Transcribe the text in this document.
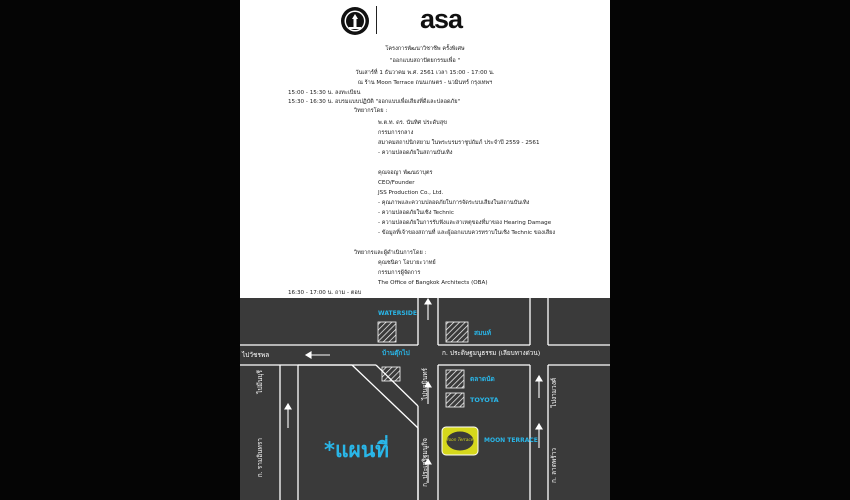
asa
โครงการพัฒนาวิชาชีพ ครั้งพิเศษ
"ออกแบบสถาปัตยกรรมเพื่อ "
วันเสาร์ที่ 1 ธันวาคม พ.ศ. 2561 เวลา 15:00 - 17:00 น.
ณ ร้าน Moon Terrace ถนนเกษตร - นวมินทร์ กรุงเทพฯ
15:00 - 15:30 น. ลงทะเบียน
15:30 - 16:30 น. อบรมแบบปฏิบัติ "ออกแบบเพื่อเสียงที่ดีและปลอดภัย"
วิทยากรโดย :
พ.ต.ท. ดร. นันทิศ ประดับสุข
กรรมการกลาง
สมาคมสถาปนิกสยาม ในพระบรมราชูปถัมภ์ ประจำปี 2559 - 2561
- ความปลอดภัยในสถานบันเทิง
คุณจอญา พัฒนธาบุตร
CEO/Founder
JSS Production Co., Ltd.
- คุณภาพและความปลอดภัยในการจัดระบบเสียงในสถานบันเทิง
- ความปลอดภัยในเชิง Technic
- ความปลอดภัยในการรับฟังและสาเหตุของที่มาของ Hearing Damage
- ข้อมูลที่เจ้าของสถานที่ และผู้ออกแบบควรทราบในเชิง Technic ของเสียง
วิทยากรและผู้ดำเนินการโดย :
คุณชนิดา โอบายะวาทย์
กรรมการผู้จัดการ
The Office of Bangkok Architects (OBA)
16:30 - 17:00 น. ถาม - ตอบ
WATERSIDE
สมนท์
บ้านตุ๊กไป	ก. ประดิษฐมนูธรรม (เลียบทางด่วน)
ไปวัชรพล
ตลาดนัด
TOYOTA
MOON TERRACE
Moon Terrace
ไปมีนบุรี
ก. รามอินทรา
ไปนวมินทร์
ก. ประเสริฐมนูกิจ
ไปงามวงศ์
ก. ลาดพร้าว
*แผนที่
